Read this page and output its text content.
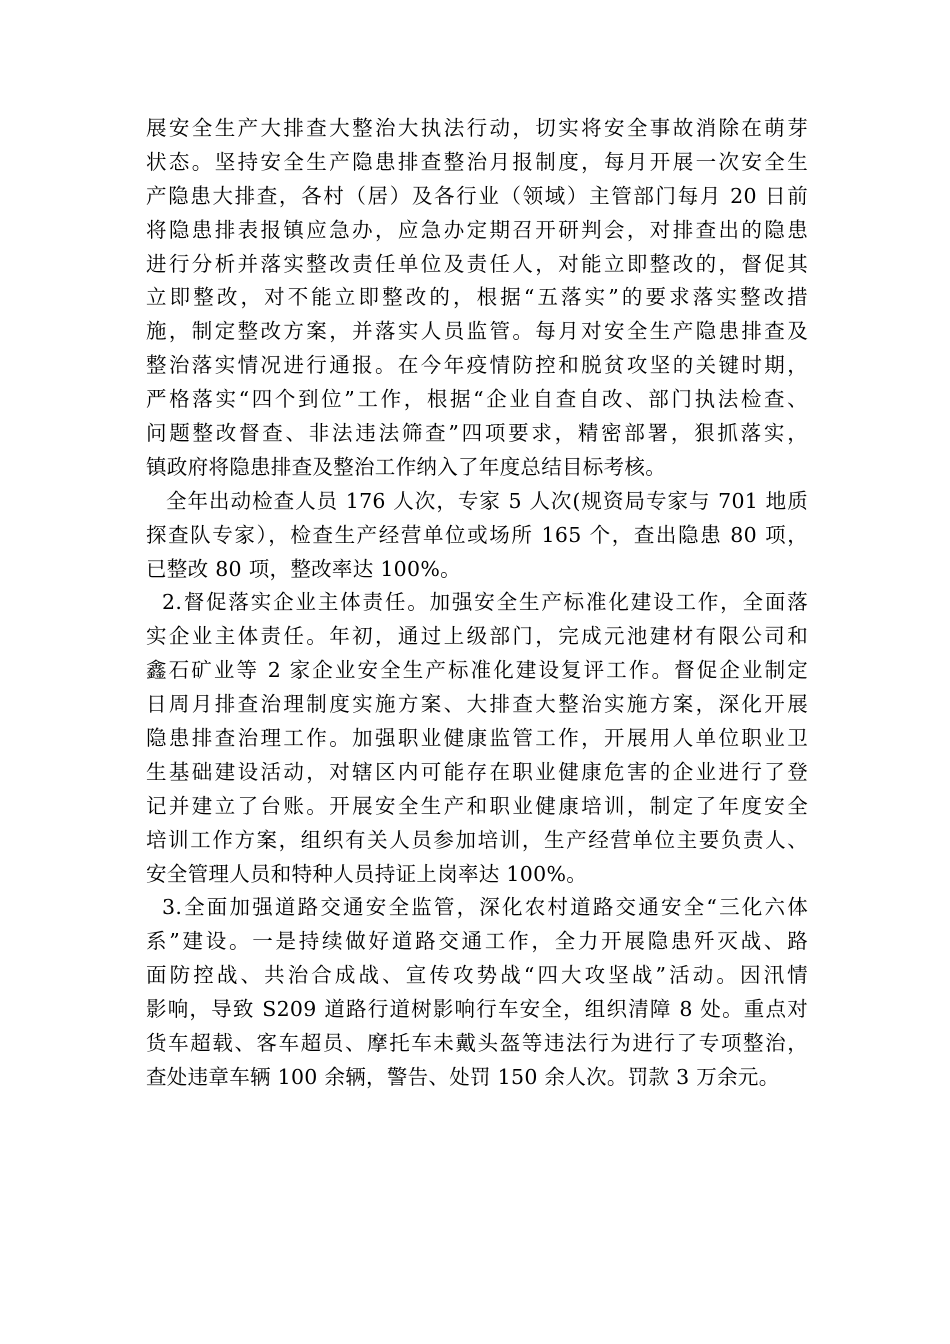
展安全生产大排查大整治大执法行动，切实将安全事故消除在萌芽
状态。坚持安全生产隐患排查整治月报制度，每月开展一次安全生
产隐患大排查，各村（居）及各行业（领域）主管部门每月 20 日前
将隐患排表报镇应急办，应急办定期召开研判会，对排查出的隐患
进行分析并落实整改责任单位及责任人，对能立即整改的，督促其
立即整改，对不能立即整改的，根据“五落实”的要求落实整改措
施，制定整改方案，并落实人员监管。每月对安全生产隐患排查及
整治落实情况进行通报。在今年疫情防控和脱贫攻坚的关键时期，
严格落实“四个到位”工作，根据“企业自查自改、部门执法检查、
问题整改督查、非法违法筛查”四项要求，精密部署，狠抓落实，
镇政府将隐患排查及整治工作纳入了年度总结目标考核。
全年出动检查人员 176 人次，专家 5 人次(规资局专家与 701 地质
探查队专家），检查生产经营单位或场所 165 个，查出隐患 80 项，
已整改 80 项，整改率达 100%。
2.督促落实企业主体责任。加强安全生产标准化建设工作，全面落
实企业主体责任。年初，通过上级部门，完成元池建材有限公司和
鑫石矿业等 2 家企业安全生产标准化建设复评工作。督促企业制定
日周月排查治理制度实施方案、大排查大整治实施方案，深化开展
隐患排查治理工作。加强职业健康监管工作，开展用人单位职业卫
生基础建设活动，对辖区内可能存在职业健康危害的企业进行了登
记并建立了台账。开展安全生产和职业健康培训，制定了年度安全
培训工作方案，组织有关人员参加培训，生产经营单位主要负责人、
安全管理人员和特种人员持证上岗率达 100%。
3.全面加强道路交通安全监管，深化农村道路交通安全“三化六体
系”建设。一是持续做好道路交通工作，全力开展隐患歼灭战、路
面防控战、共治合成战、宣传攻势战“四大攻坚战”活动。因汛情
影响，导致 S209 道路行道树影响行车安全，组织清障 8 处。重点对
货车超载、客车超员、摩托车未戴头盔等违法行为进行了专项整治，
查处违章车辆 100 余辆，警告、处罚 150 余人次。罚款 3 万余元。
